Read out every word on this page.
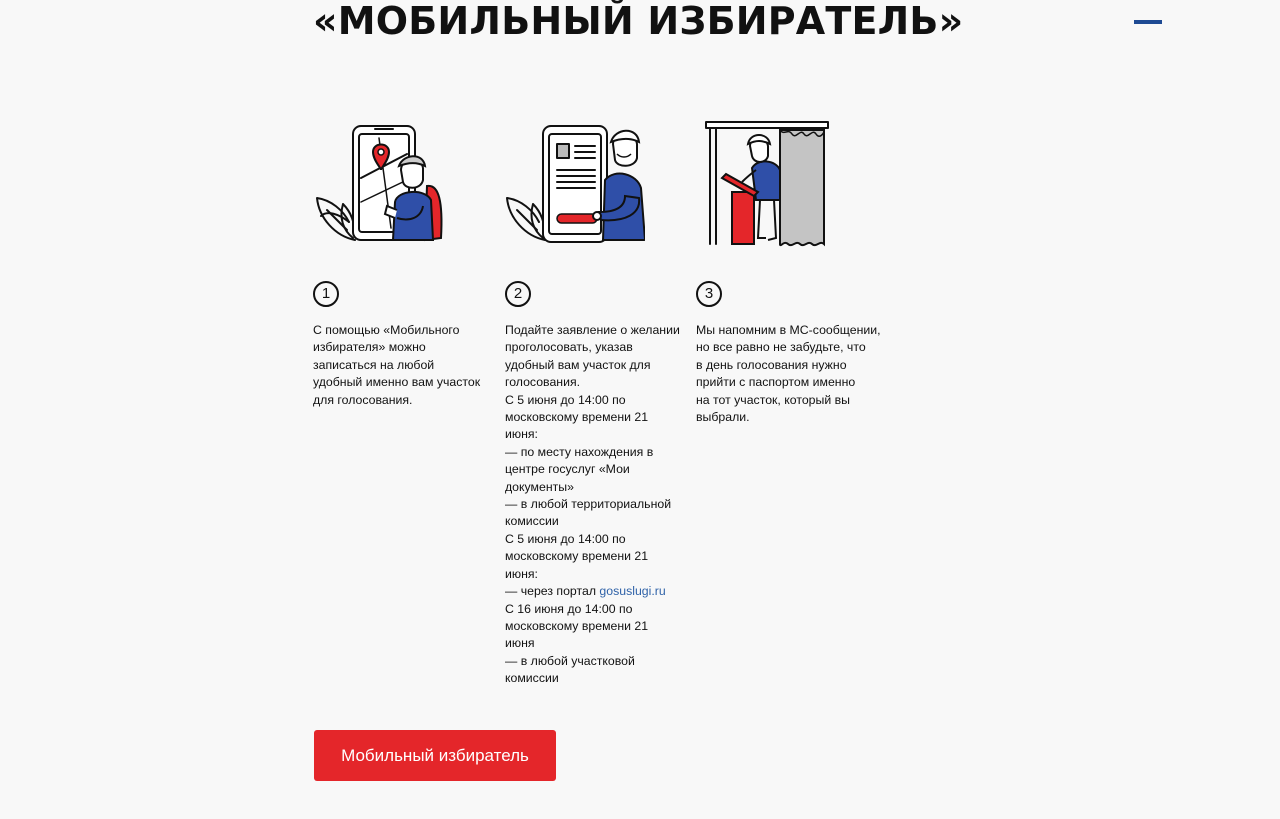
«МОБИЛЬНЫЙ ИЗБИРАТЕЛЬ»
1
С помощью «Мобильного
избирателя» можно
записаться на любой
удобный именно вам участок
для голосования.
2
Подайте заявление о желании
проголосовать, указав
удобный вам участок для
голосования.
С 5 июня до 14:00 по
московскому времени 21
июня:
— по месту нахождения в
центре госуслуг «Мои
документы»
— в любой территориальной
комиссии
С 5 июня до 14:00 по
московскому времени 21
июня:
— через портал gosuslugi.ru
С 16 июня до 14:00 по
московскому времени 21
июня
— в любой участковой
комиссии
3
Мы напомним в МС-сообщении,
но все равно не забудьте, что
в день голосования нужно
прийти с паспортом именно
на тот участок, который вы
выбрали.
Мобильный избиратель
